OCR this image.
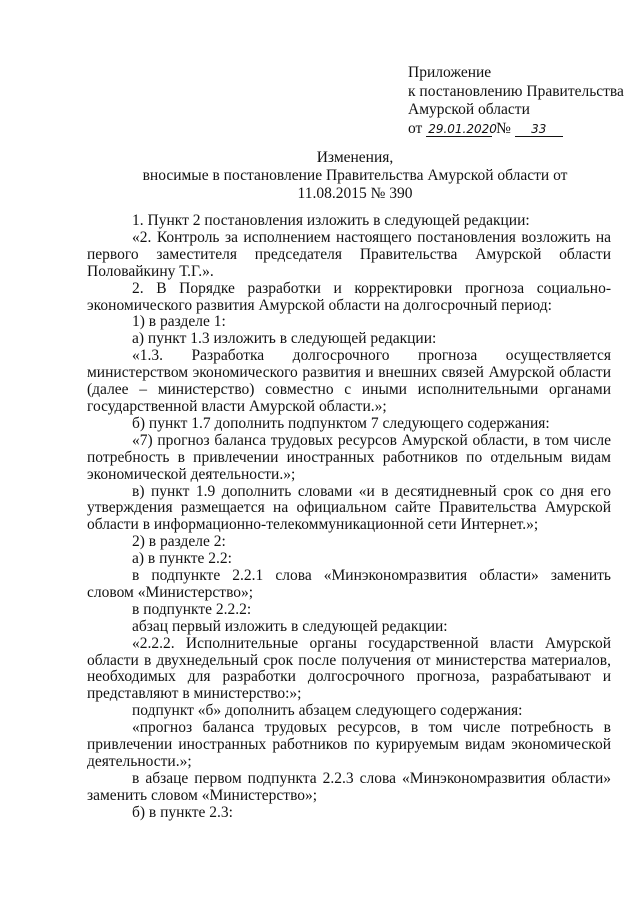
Приложение
к постановлению Правительства
Амурской области
от 29.01.2020 № 33
Изменения,
вносимые в постановление Правительства Амурской области от
11.08.2015 № 390

1. Пункт 2 постановления изложить в следующей редакции:

«2. Контроль за исполнением настоящего постановления возложить на первого заместителя председателя Правительства Амурской области Половайкину Т.Г.».

2. В Порядке разработки и корректировки прогноза социально-экономического развития Амурской области на долгосрочный период:

1) в разделе 1:

а) пункт 1.3 изложить в следующей редакции:

«1.3. Разработка долгосрочного прогноза осуществляется министерством экономического развития и внешних связей Амурской области (далее – министерство) совместно с иными исполнительными органами государственной власти Амурской области.»;

б) пункт 1.7 дополнить подпунктом 7 следующего содержания:

«7) прогноз баланса трудовых ресурсов Амурской области, в том числе потребность в привлечении иностранных работников по отдельным видам экономической деятельности.»;

в) пункт 1.9 дополнить словами «и в десятидневный срок со дня его утверждения размещается на официальном сайте Правительства Амурской области в информационно-телекоммуникационной сети Интернет.»;

2) в разделе 2:

а) в пункте 2.2:

в подпункте 2.2.1 слова «Минэкономразвития области» заменить словом «Министерство»;

в подпункте 2.2.2:

абзац первый изложить в следующей редакции:

«2.2.2. Исполнительные органы государственной власти Амурской области в двухнедельный срок после получения от министерства материалов, необходимых для разработки долгосрочного прогноза, разрабатывают и представляют в министерство:»;

подпункт «б» дополнить абзацем следующего содержания:

«прогноз баланса трудовых ресурсов, в том числе потребность в привлечении иностранных работников по курируемым видам экономической деятельности.»;

в абзаце первом подпункта 2.2.3 слова «Минэкономразвития области» заменить словом «Министерство»;

б) в пункте 2.3:
